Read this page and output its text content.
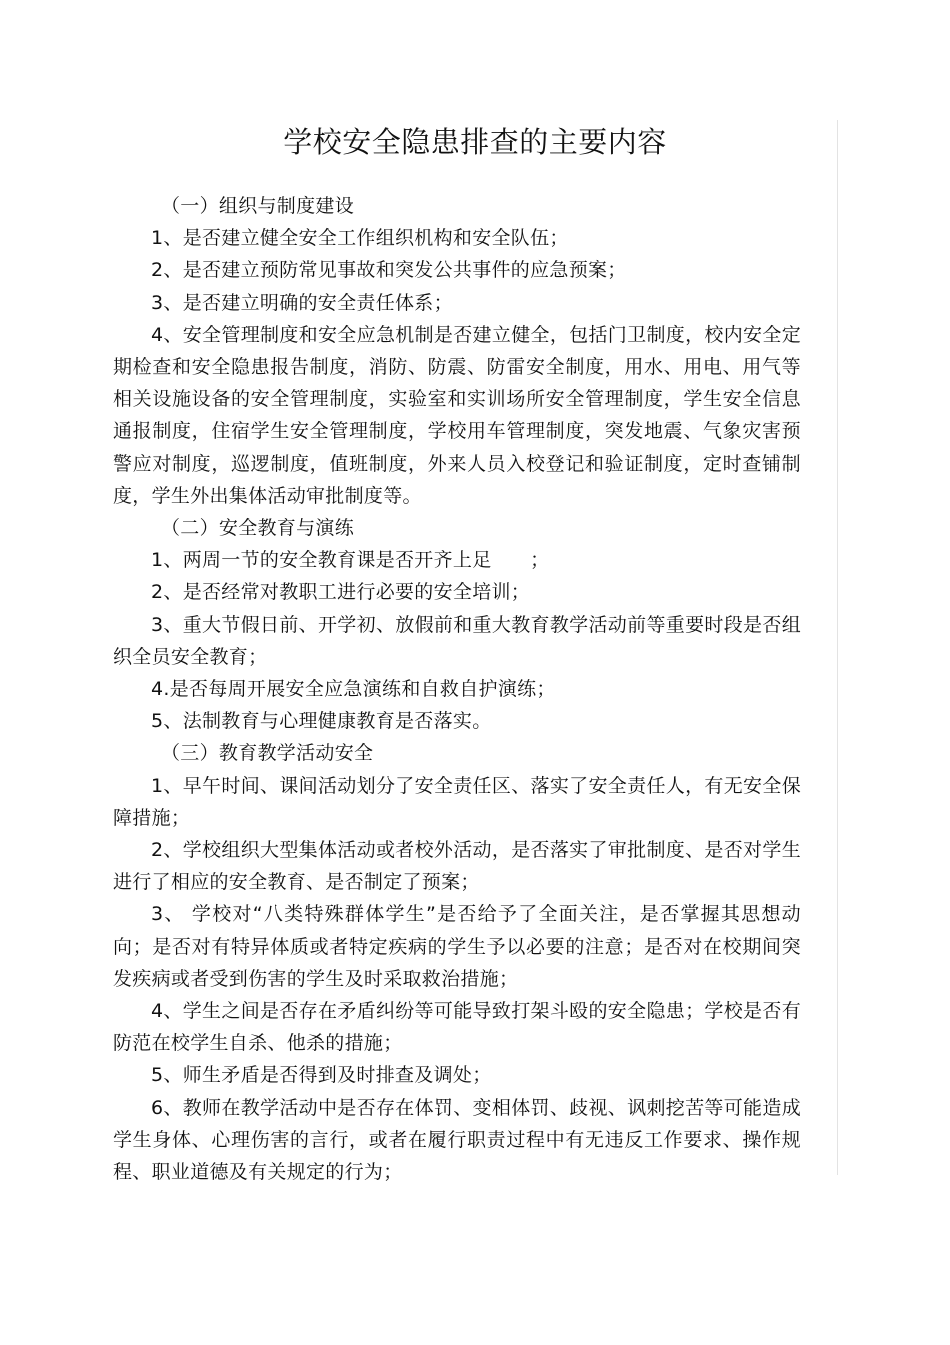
学校安全隐患排查的主要内容

（一）组织与制度建设

1、是否建立健全安全工作组织机构和安全队伍；

2、是否建立预防常见事故和突发公共事件的应急预案；

3、是否建立明确的安全责任体系；

4、安全管理制度和安全应急机制是否建立健全，包括门卫制度，校内安全定期检查和安全隐患报告制度，消防、防震、防雷安全制度，用水、用电、用气等相关设施设备的安全管理制度，实验室和实训场所安全管理制度，学生安全信息通报制度，住宿学生安全管理制度，学校用车管理制度，突发地震、气象灾害预警应对制度，巡逻制度，值班制度，外来人员入校登记和验证制度，定时查铺制度，学生外出集体活动审批制度等。

（二）安全教育与演练

1、两周一节的安全教育课是否开齐上足　　；

2、是否经常对教职工进行必要的安全培训；

3、重大节假日前、开学初、放假前和重大教育教学活动前等重要时段是否组织全员安全教育；

4.是否每周开展安全应急演练和自救自护演练；

5、法制教育与心理健康教育是否落实。

（三）教育教学活动安全

1、早午时间、课间活动划分了安全责任区、落实了安全责任人，有无安全保障措施；

2、学校组织大型集体活动或者校外活动，是否落实了审批制度、是否对学生进行了相应的安全教育、是否制定了预案；

3、 学校对“八类特殊群体学生”是否给予了全面关注，是否掌握其思想动向；是否对有特异体质或者特定疾病的学生予以必要的注意；是否对在校期间突发疾病或者受到伤害的学生及时采取救治措施；

4、学生之间是否存在矛盾纠纷等可能导致打架斗殴的安全隐患；学校是否有防范在校学生自杀、他杀的措施；

5、师生矛盾是否得到及时排查及调处；

6、教师在教学活动中是否存在体罚、变相体罚、歧视、讽刺挖苦等可能造成学生身体、心理伤害的言行，或者在履行职责过程中有无违反工作要求、操作规程、职业道德及有关规定的行为；
